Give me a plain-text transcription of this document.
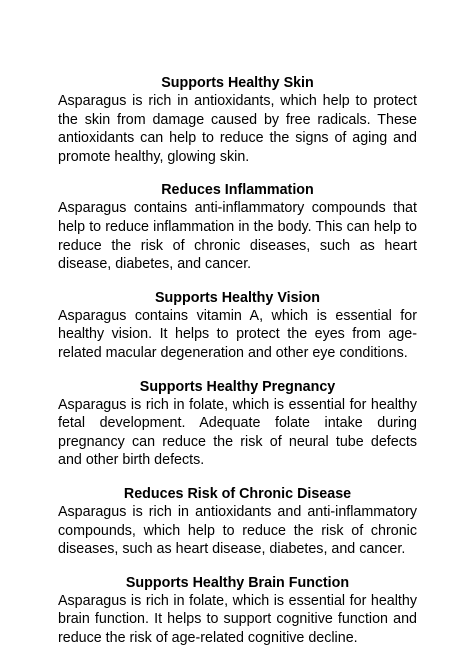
Supports Healthy Skin

Asparagus is rich in antioxidants, which help to protect the skin from damage caused by free radicals. These antioxidants can help to reduce the signs of aging and promote healthy, glowing skin.

Reduces Inflammation

Asparagus contains anti-inflammatory compounds that help to reduce inflammation in the body. This can help to reduce the risk of chronic diseases, such as heart disease, diabetes, and cancer.

Supports Healthy Vision

Asparagus contains vitamin A, which is essential for healthy vision. It helps to protect the eyes from age-related macular degeneration and other eye conditions.

Supports Healthy Pregnancy

Asparagus is rich in folate, which is essential for healthy fetal development. Adequate folate intake during pregnancy can reduce the risk of neural tube defects and other birth defects.

Reduces Risk of Chronic Disease

Asparagus is rich in antioxidants and anti-inflammatory compounds, which help to reduce the risk of chronic diseases, such as heart disease, diabetes, and cancer.

Supports Healthy Brain Function

Asparagus is rich in folate, which is essential for healthy brain function. It helps to support cognitive function and reduce the risk of age-related cognitive decline.
